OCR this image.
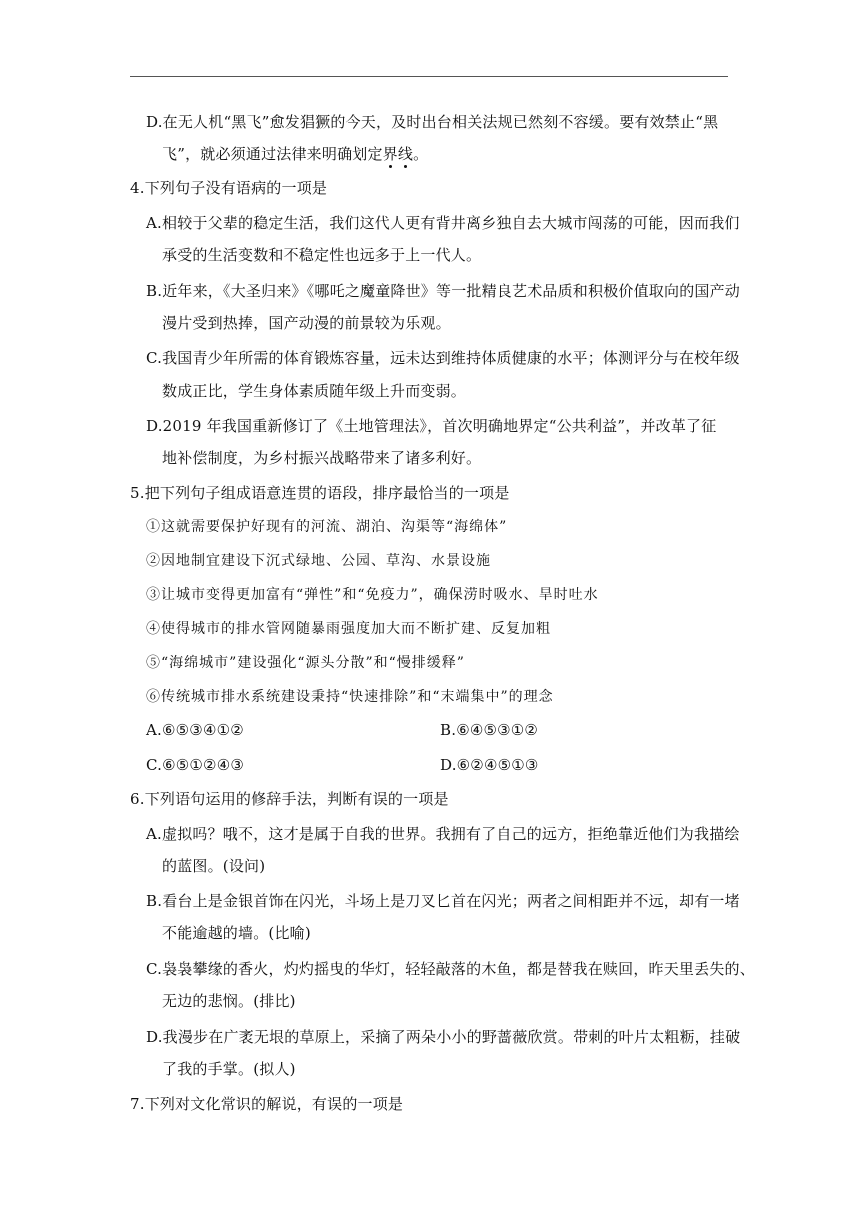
D.在无人机“黑飞”愈发猖獗的今天，及时出台相关法规已然刻不容缓。要有效禁止“黑
飞”，就必须通过法律来明确划定界线。
4.下列句子没有语病的一项是
A.相较于父辈的稳定生活，我们这代人更有背井离乡独自去大城市闯荡的可能，因而我们
承受的生活变数和不稳定性也远多于上一代人。
B.近年来，《大圣归来》《哪吒之魔童降世》等一批精良艺术品质和积极价值取向的国产动
漫片受到热捧，国产动漫的前景较为乐观。
C.我国青少年所需的体育锻炼容量，远未达到维持体质健康的水平；体测评分与在校年级
数成正比，学生身体素质随年级上升而变弱。
D.2019 年我国重新修订了《土地管理法》，首次明确地界定“公共利益”，并改革了征
地补偿制度，为乡村振兴战略带来了诸多利好。
5.把下列句子组成语意连贯的语段，排序最恰当的一项是
①这就需要保护好现有的河流、湖泊、沟渠等“海绵体”
②因地制宜建设下沉式绿地、公园、草沟、水景设施
③让城市变得更加富有“弹性”和“免疫力”，确保涝时吸水、旱时吐水
④使得城市的排水管网随暴雨强度加大而不断扩建、反复加粗
⑤“海绵城市”建设强化“源头分散”和“慢排缓释”
⑥传统城市排水系统建设秉持“快速排除”和“末端集中”的理念
A.⑥⑤③④①②	B.⑥④⑤③①②
C.⑥⑤①②④③	D.⑥②④⑤①③
6.下列语句运用的修辞手法，判断有误的一项是
A.虚拟吗？哦不，这才是属于自我的世界。我拥有了自己的远方，拒绝靠近他们为我描绘
的蓝图。(设问)
B.看台上是金银首饰在闪光，斗场上是刀叉匕首在闪光；两者之间相距并不远，却有一堵
不能逾越的墙。(比喻)
C.袅袅攀缘的香火，灼灼摇曳的华灯，轻轻敲落的木鱼，都是替我在赎回，昨天里丢失的、
无边的悲悯。(排比)
D.我漫步在广袤无垠的草原上，采摘了两朵小小的野蔷薇欣赏。带刺的叶片太粗粝，挂破
了我的手掌。(拟人)
7.下列对文化常识的解说，有误的一项是
